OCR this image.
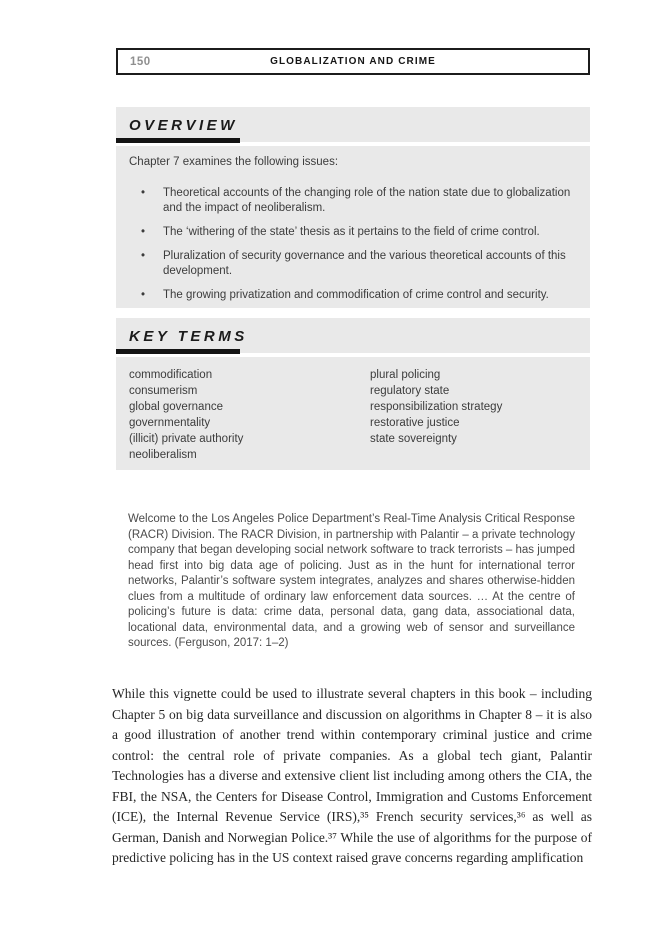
150	GLOBALIZATION AND CRIME
OVERVIEW

Chapter 7 examines the following issues:

•	Theoretical accounts of the changing role of the nation state due to globalization and the impact of neoliberalism.
•	The ‘withering of the state’ thesis as it pertains to the field of crime control.
•	Pluralization of security governance and the various theoretical accounts of this development.
•	The growing privatization and commodification of crime control and security.
KEY TERMS
commodification
consumerism
global governance
governmentality
(illicit) private authority
neoliberalism
plural policing
regulatory state
responsibilization strategy
restorative justice
state sovereignty
Welcome to the Los Angeles Police Department’s Real-Time Analysis Critical Response (RACR) Division. The RACR Division, in partnership with Palantir – a private technology company that began developing social network software to track terrorists – has jumped head first into big data age of policing. Just as in the hunt for international terror networks, Palantir’s software system integrates, analyzes and shares otherwise-hidden clues from a multitude of ordinary law enforcement data sources. … At the centre of policing’s future is data: crime data, personal data, gang data, associational data, locational data, environmental data, and a growing web of sensor and surveillance sources. (Ferguson, 2017: 1–2)
While this vignette could be used to illustrate several chapters in this book – including Chapter 5 on big data surveillance and discussion on algorithms in Chapter 8 – it is also a good illustration of another trend within contemporary criminal justice and crime control: the central role of private companies. As a global tech giant, Palantir Technologies has a diverse and extensive client list including among others the CIA, the FBI, the NSA, the Centers for Disease Control, Immigration and Customs Enforcement (ICE), the Internal Revenue Service (IRS),³⁵ French security services,³⁶ as well as German, Danish and Norwegian Police.³⁷ While the use of algorithms for the purpose of predictive policing has in the US context raised grave concerns regarding amplification
